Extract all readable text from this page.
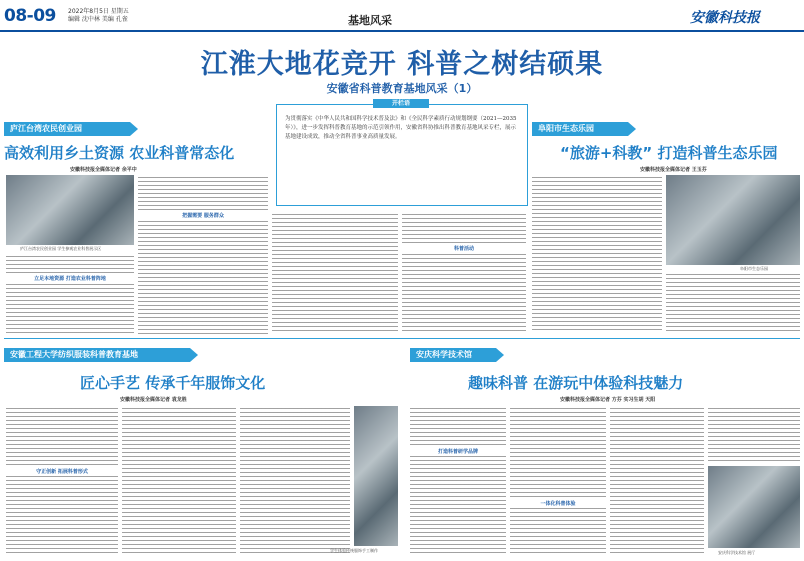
08-09 2022年8月5日 星期五
编辑 沈中林 美编 孔雀	基地风采	安徽科技报
江淮大地花竞开 科普之树结硕果
安徽省科普教育基地风采（1）
开栏语
为贯彻落实《中华人民共和国科学技术普及法》和《全民科学素质行动规划纲要（2021—2035年）》，进一步发挥科普教育基地的示范引领作用，安徽省科协推出科普教育基地风采专栏，展示基地建设成效，推动全省科普事业高质量发展。
庐江台湾农民创业园
高效利用乡土资源 农业科普常态化
安徽科技报全媒体记者 余平中
庐江台湾农民创业园 学生参观农业科普展示区
立足本地资源 打造农业科普阵地
把握需要 服务群众
科普活动
阜阳市生态乐园
“旅游+科教” 打造科普生态乐园
安徽科技报全媒体记者 王玉芬
阜阳市生态乐园
安徽工程大学纺织服装科普教育基地
匠心手艺 传承千年服饰文化
安徽科技报全媒体记者 袁龙胜
守正创新 拓展科普形式
学生体验传统服饰手工制作
安庆科学技术馆
趣味科普 在游玩中体验科技魅力
安徽科技报全媒体记者 方芬 实习生胡 天阳
打造科普研学品牌
一体化科普体验
安庆科学技术馆 展厅
